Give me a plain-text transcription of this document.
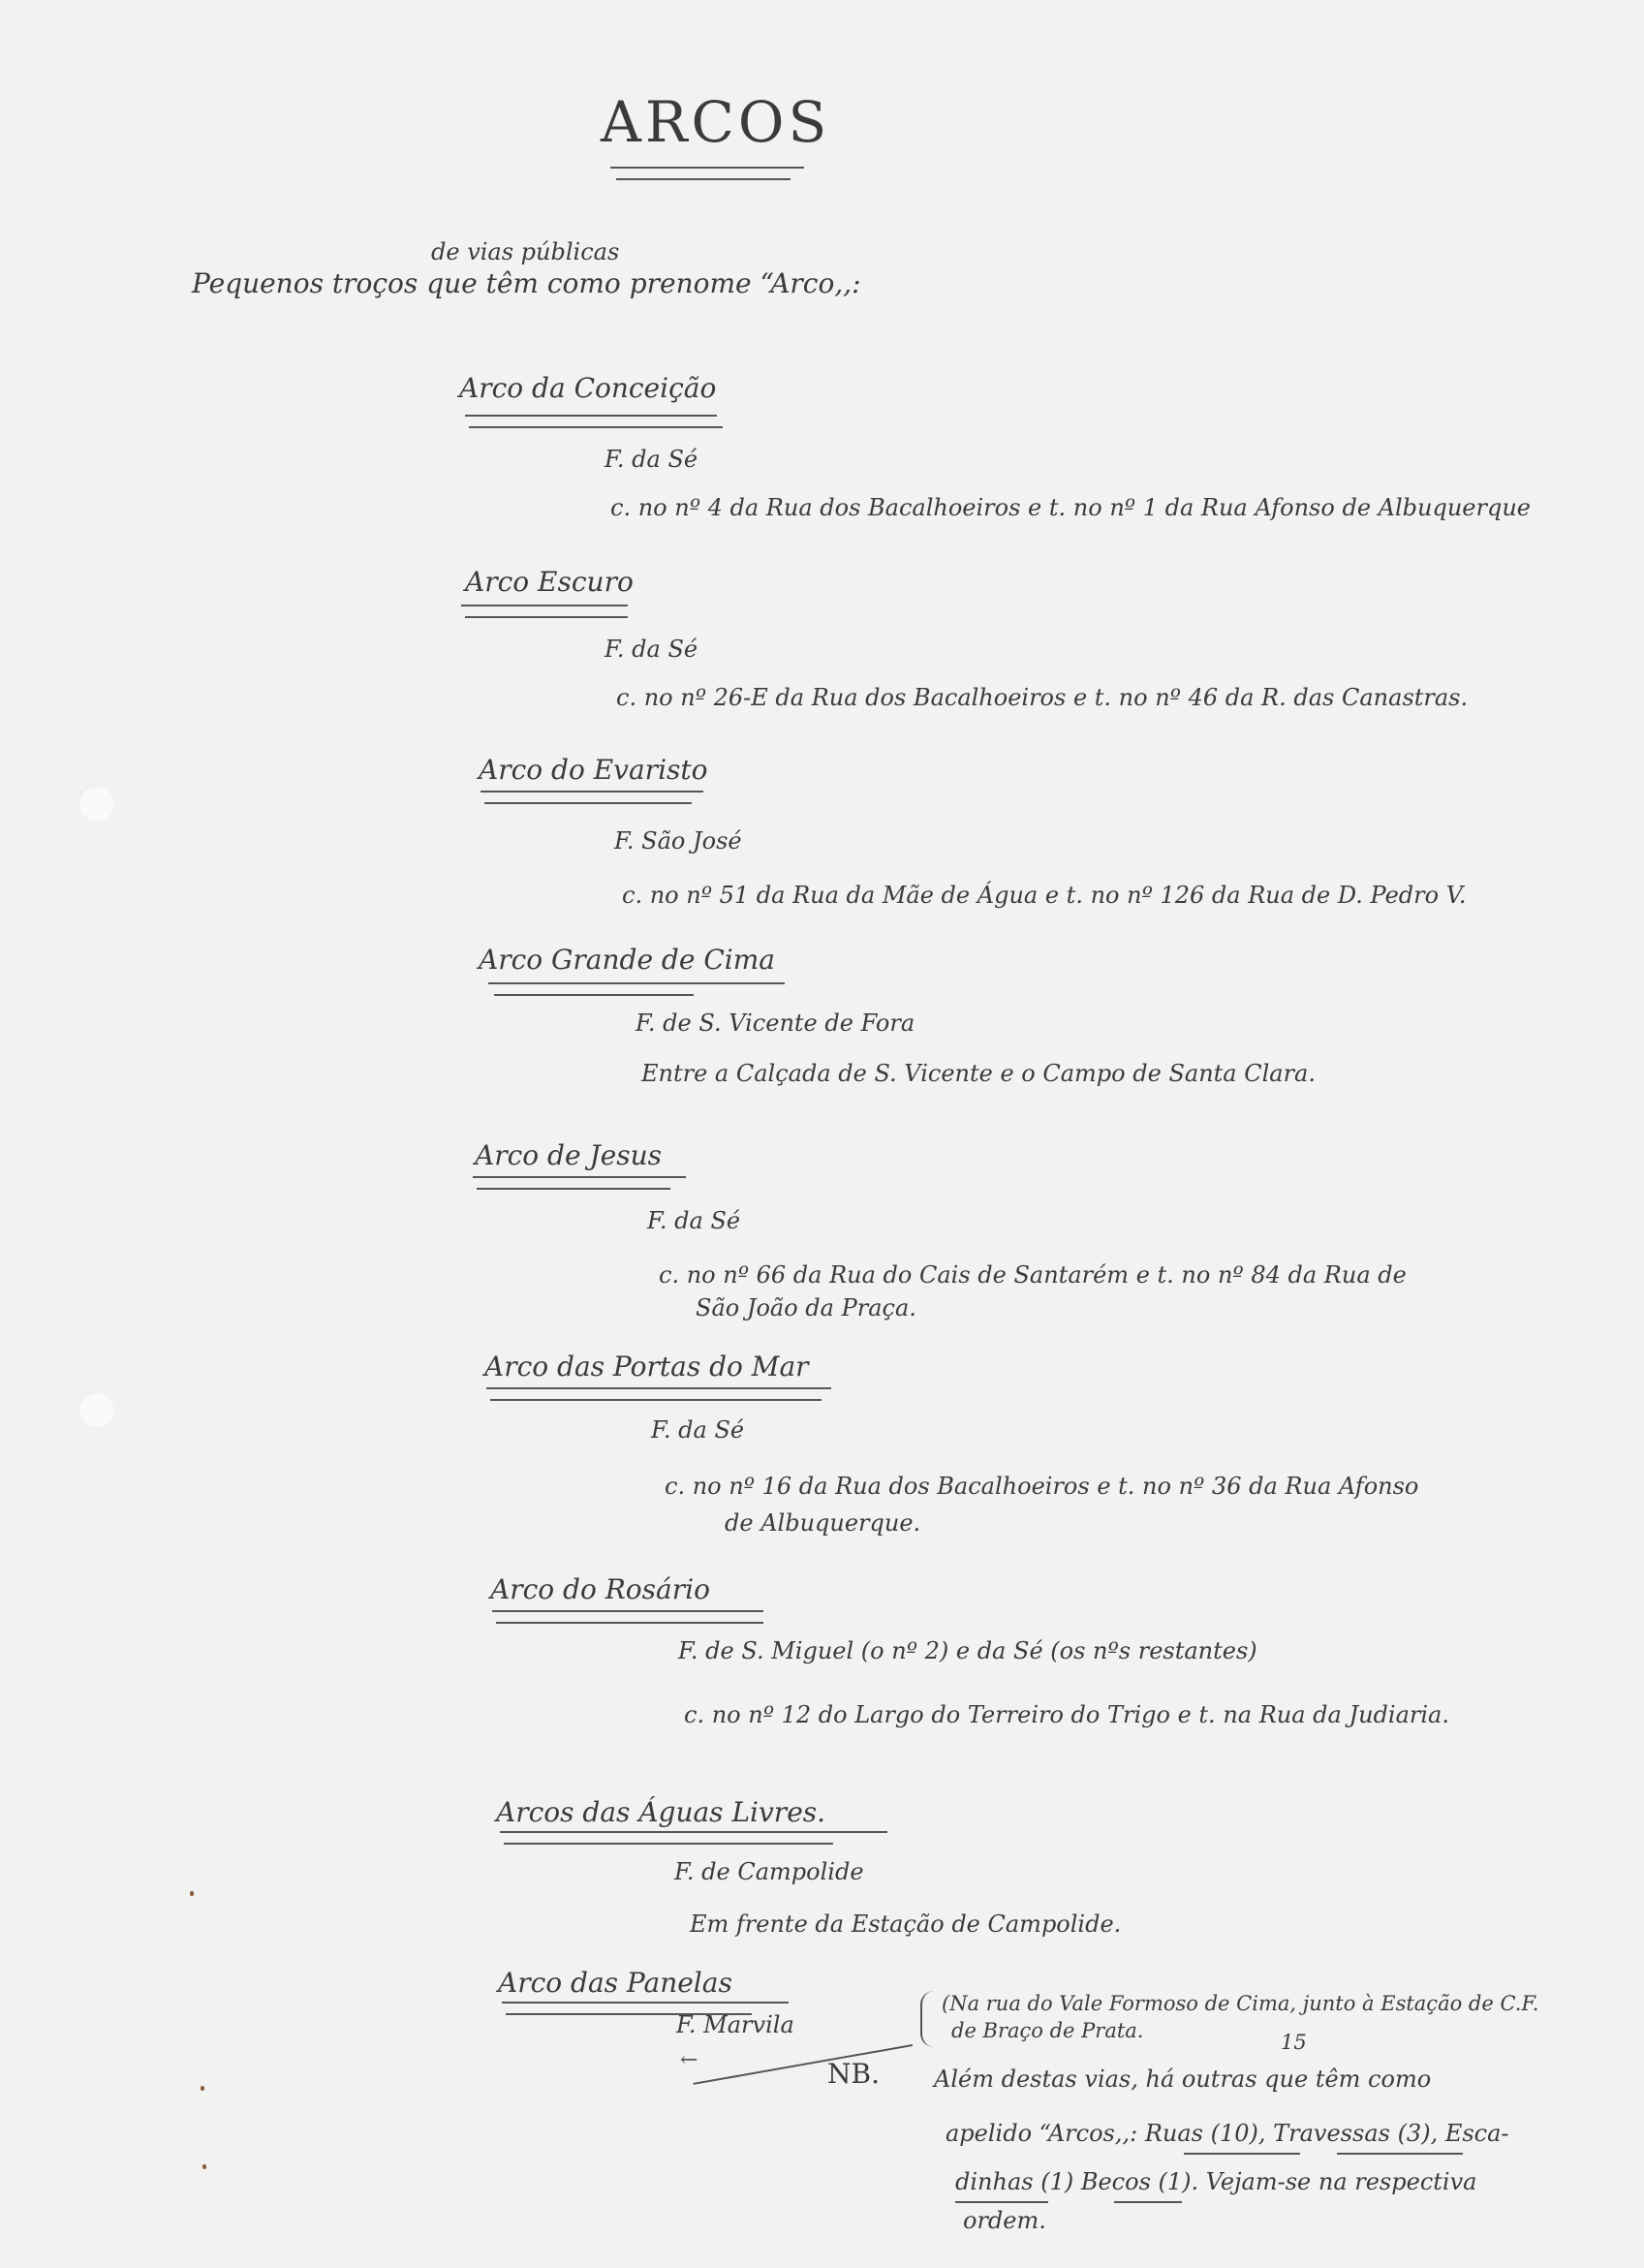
ARCOS
de vias públicas
Pequenos troços que têm como prenome “Arco,,:
Arco da Conceição
F. da Sé
c. no nº 4 da Rua dos Bacalhoeiros e t. no nº 1 da Rua Afonso de Albuquerque
Arco Escuro
F. da Sé
c. no nº 26-E da Rua dos Bacalhoeiros e t. no nº 46 da R. das Canastras.
Arco do Evaristo
F. São José
c. no nº 51 da Rua da Mãe de Água e t. no nº 126 da Rua de D. Pedro V.
Arco Grande de Cima
F. de S. Vicente de Fora
Entre a Calçada de S. Vicente e o Campo de Santa Clara.
Arco de Jesus
F. da Sé
c. no nº 66 da Rua do Cais de Santarém e t. no nº 84 da Rua de
São João da Praça.
Arco das Portas do Mar
F. da Sé
c. no nº 16 da Rua dos Bacalhoeiros e t. no nº 36 da Rua Afonso
de Albuquerque.
Arco do Rosário
F. de S. Miguel (o nº 2) e da Sé (os nºs restantes)
c. no nº 12 do Largo do Terreiro do Trigo e t. na Rua da Judiaria.
Arcos das Águas Livres.
F. de Campolide
Em frente da Estação de Campolide.
Arco das Panelas
F. Marvila
(Na rua do Vale Formoso de Cima, junto à Estação de C.F.
de Braço de Prata.
←	NB.
15
Além destas vias, há outras que têm como
apelido “Arcos,,: Ruas (10), Travessas (3), Esca-
dinhas (1) Becos (1). Vejam-se na respectiva
ordem.
